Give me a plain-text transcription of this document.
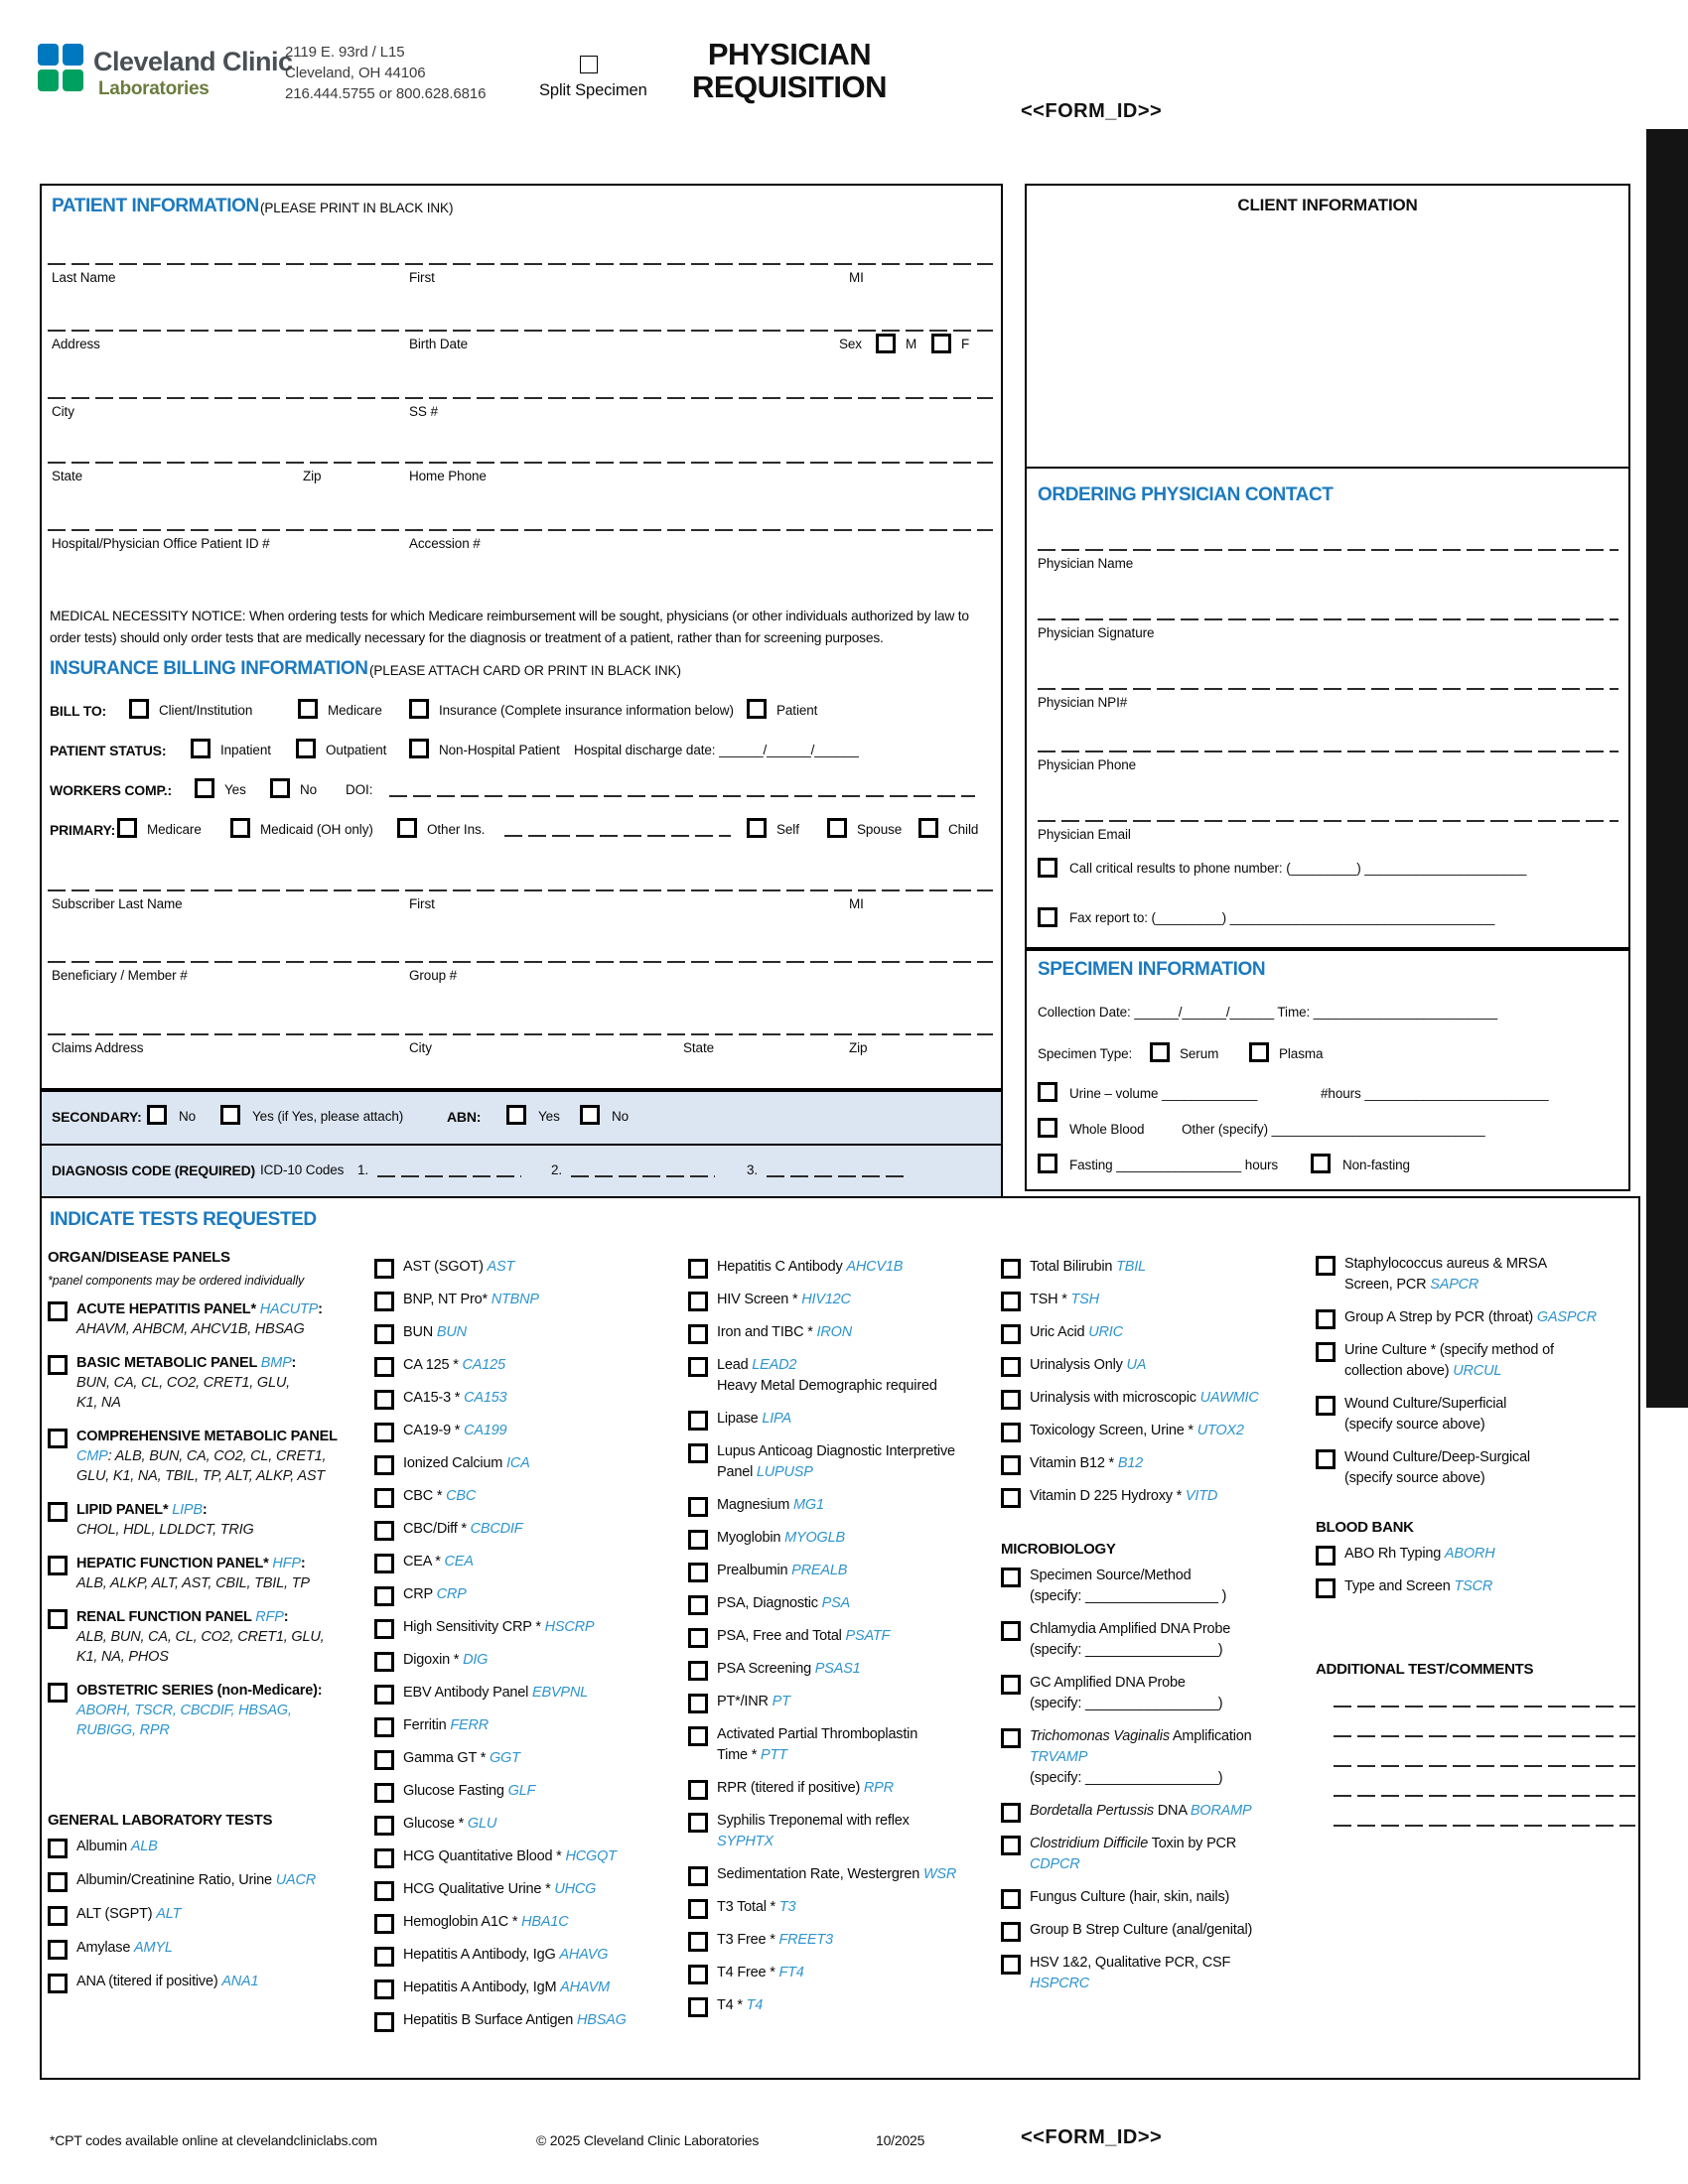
Cleveland Clinic
Laboratories
2119 E. 93rd / L15
Cleveland, OH 44106
216.444.5755 or 800.628.6816	Split Specimen
PHYSICIAN
REQUISITION
<<FORM_ID>>
PATIENT INFORMATION (PLEASE PRINT IN BLACK INK)
Last Name	First	MI
Address	Birth Date	Sex	M	F
City	SS #
State	Zip	Home Phone
Hospital/Physician Office Patient ID #	Accession #
MEDICAL NECESSITY NOTICE: When ordering tests for which Medicare reimbursement will be sought, physicians (or other individuals authorized by law to order tests) should only order tests that are medically necessary for the diagnosis or treatment of a patient, rather than for screening purposes.
INSURANCE BILLING INFORMATION (PLEASE ATTACH CARD OR PRINT IN BLACK INK)
BILL TO:	Client/Institution	Medicare	Insurance (Complete insurance information below)	Patient
PATIENT STATUS:	Inpatient	Outpatient	Non-Hospital Patient Hospital discharge date: ______/______/______
WORKERS COMP.:	Yes	No DOI:
PRIMARY: Medicare	Medicaid (OH only)	Other Ins.	Self	Spouse	Child
Subscriber Last Name	First	MI
Beneficiary / Member #	Group #
Claims Address	City	State	Zip
SECONDARY:	No	Yes (if Yes, please attach)	ABN:	Yes	No
DIAGNOSIS CODE (REQUIRED) ICD-10 Codes 1.	2.	3.
CLIENT INFORMATION
ORDERING PHYSICIAN CONTACT
Physician Name
Physician Signature
Physician NPI#
Physician Phone
Physician Email
Call critical results to phone number: (_________) ______________________
Fax report to: (_________) ____________________________________
SPECIMEN INFORMATION
Collection Date: ______/______/______ Time: _________________________
Specimen Type:	Serum	Plasma
Urine – volume _____________	#hours _________________________
Whole Blood	Other (specify) _____________________________
Fasting _________________ hours	Non-fasting
INDICATE TESTS REQUESTED
ORGAN/DISEASE PANELS
*panel components may be ordered individually
ACUTE HEPATITIS PANEL* HACUTP:
AHAVM, AHBCM, AHCV1B, HBSAG
BASIC METABOLIC PANEL BMP:
BUN, CA, CL, CO2, CRET1, GLU,
K1, NA
COMPREHENSIVE METABOLIC PANEL
CMP: ALB, BUN, CA, CO2, CL, CRET1,
GLU, K1, NA, TBIL, TP, ALT, ALKP, AST
LIPID PANEL* LIPB:
CHOL, HDL, LDLDCT, TRIG
HEPATIC FUNCTION PANEL* HFP:
ALB, ALKP, ALT, AST, CBIL, TBIL, TP
RENAL FUNCTION PANEL RFP:
ALB, BUN, CA, CL, CO2, CRET1, GLU,
K1, NA, PHOS
OBSTETRIC SERIES (non-Medicare):
ABORH, TSCR, CBCDIF, HBSAG,
RUBIGG, RPR
GENERAL LABORATORY TESTS
Albumin ALB
Albumin/Creatinine Ratio, Urine UACR
ALT (SGPT) ALT
Amylase AMYL
ANA (titered if positive) ANA1
AST (SGOT) AST
BNP, NT Pro* NTBNP
BUN BUN
CA 125 * CA125
CA15-3 * CA153
CA19-9 * CA199
Ionized Calcium ICA
CBC * CBC
CBC/Diff * CBCDIF
CEA * CEA
CRP CRP
High Sensitivity CRP * HSCRP
Digoxin * DIG
EBV Antibody Panel EBVPNL
Ferritin FERR
Gamma GT * GGT
Glucose Fasting GLF
Glucose * GLU
HCG Quantitative Blood * HCGQT
HCG Qualitative Urine * UHCG
Hemoglobin A1C * HBA1C
Hepatitis A Antibody, IgG AHAVG
Hepatitis A Antibody, IgM AHAVM
Hepatitis B Surface Antigen HBSAG
Hepatitis C Antibody AHCV1B
HIV Screen * HIV12C
Iron and TIBC * IRON
Lead LEAD2
Heavy Metal Demographic required
Lipase LIPA
Lupus Anticoag Diagnostic Interpretive
Panel LUPUSP
Magnesium MG1
Myoglobin MYOGLB
Prealbumin PREALB
PSA, Diagnostic PSA
PSA, Free and Total PSATF
PSA Screening PSAS1
PT*/INR PT
Activated Partial Thromboplastin
Time * PTT
RPR (titered if positive) RPR
Syphilis Treponemal with reflex
SYPHTX
Sedimentation Rate, Westergren WSR
T3 Total * T3
T3 Free * FREET3
T4 Free * FT4
T4 * T4
Total Bilirubin TBIL
TSH * TSH
Uric Acid URIC
Urinalysis Only UA
Urinalysis with microscopic UAWMIC
Toxicology Screen, Urine * UTOX2
Vitamin B12 * B12
Vitamin D 225 Hydroxy * VITD
MICROBIOLOGY
Specimen Source/Method
(specify: _________________ )
Chlamydia Amplified DNA Probe
(specify: _________________)
GC Amplified DNA Probe
(specify: _________________)
Trichomonas Vaginalis Amplification
TRVAMP
(specify: _________________)
Bordetalla Pertussis DNA BORAMP
Clostridium Difficile Toxin by PCR
CDPCR
Fungus Culture (hair, skin, nails)
Group B Strep Culture (anal/genital)
HSV 1&2, Qualitative PCR, CSF
HSPCRC
Staphylococcus aureus & MRSA
Screen, PCR SAPCR
Group A Strep by PCR (throat) GASPCR
Urine Culture * (specify method of
collection above) URCUL
Wound Culture/Superficial
(specify source above)
Wound Culture/Deep-Surgical
(specify source above)
BLOOD BANK
ABO Rh Typing ABORH
Type and Screen TSCR
ADDITIONAL TEST/COMMENTS
*CPT codes available online at clevelandcliniclabs.com	© 2025 Cleveland Clinic Laboratories	10/2025	<<FORM_ID>>
